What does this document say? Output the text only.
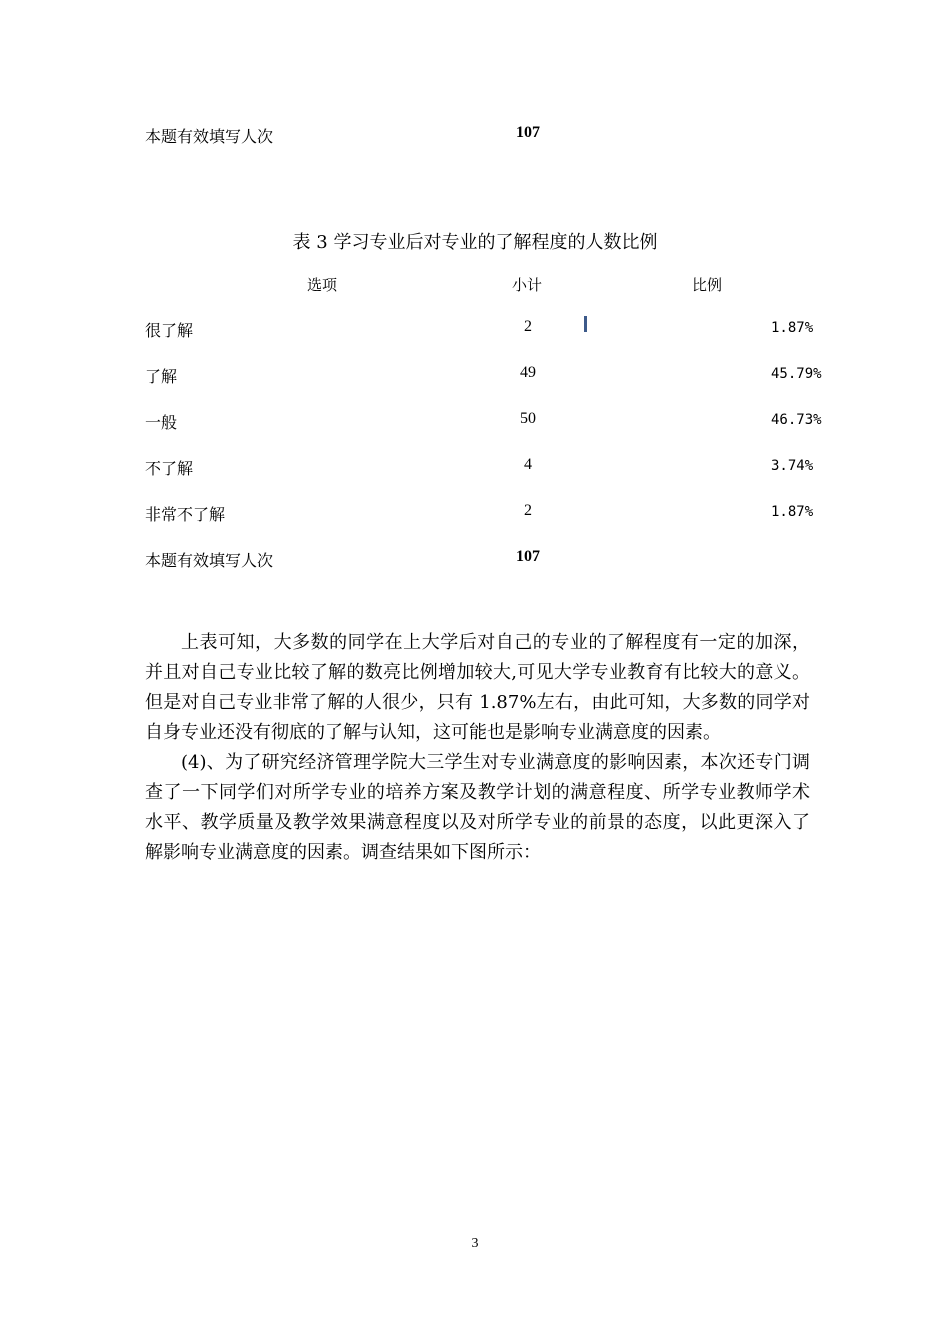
本题有效填写人次	107
表 3 学习专业后对专业的了解程度的人数比例
选项	小计	比例
很了解	2	1.87%
了解	49	45.79%
一般	50	46.73%
不了解	4	3.74%
非常不了解	2	1.87%
本题有效填写人次	107

上表可知，大多数的同学在上大学后对自己的专业的了解程度有一定的加深，并且对自己专业比较了解的数亮比例增加较大,可见大学专业教育有比较大的意义。但是对自己专业非常了解的人很少，只有 1.87%左右，由此可知，大多数的同学对自身专业还没有彻底的了解与认知，这可能也是影响专业满意度的因素。

(4)、为了研究经济管理学院大三学生对专业满意度的影响因素，本次还专门调查了一下同学们对所学专业的培养方案及教学计划的满意程度、所学专业教师学术水平、教学质量及教学效果满意程度以及对所学专业的前景的态度，以此更深入了解影响专业满意度的因素。调查结果如下图所示：

3
